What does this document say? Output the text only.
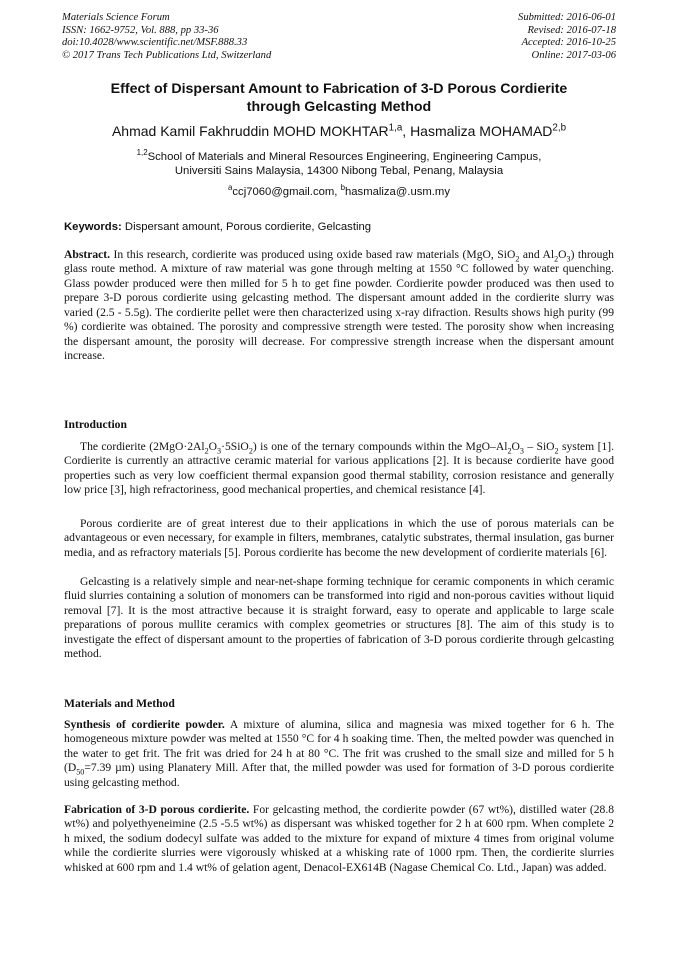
Materials Science Forum
ISSN: 1662-9752, Vol. 888, pp 33-36
doi:10.4028/www.scientific.net/MSF.888.33
© 2017 Trans Tech Publications Ltd, Switzerland
Submitted: 2016-06-01
Revised: 2016-07-18
Accepted: 2016-10-25
Online: 2017-03-06
Effect of Dispersant Amount to Fabrication of 3-D Porous Cordierite
through Gelcasting Method
Ahmad Kamil Fakhruddin MOHD MOKHTAR$^{1,a}$, Hasmaliza MOHAMAD$^{2,b}$
$^{1,2}$School of Materials and Mineral Resources Engineering, Engineering Campus,
Universiti Sains Malaysia, 14300 Nibong Tebal, Penang, Malaysia
$^a$ccj7060@gmail.com, $^b$hasmaliza@.usm.my
Keywords: Dispersant amount, Porous cordierite, Gelcasting

Abstract. In this research, cordierite was produced using oxide based raw materials (MgO, SiO$_2$ and $Al_2O_3$) through glass route method. A mixture of raw material was gone through melting at 1550 °C followed by water quenching. Glass powder produced were then milled for 5 h to get fine powder. Cordierite powder produced was then used to prepare 3-D porous cordierite using gelcasting method. The dispersant amount added in the cordierite slurry was varied (2.5 - 5.5g). The cordierite pellet were then characterized using x-ray difraction. Results shows high purity (99 %) cordierite was obtained. The porosity and compressive strength were tested. The porosity show when increasing the dispersant amount, the porosity will decrease. For compressive strength increase when the dispersant amount increase.

Introduction

The cordierite $(2MgO\cdot 2Al_2O_3\cdot 5SiO_2)$ is one of the ternary compounds within the MgO–$Al_2O_3 - SiO_2$ system [1]. Cordierite is currently an attractive ceramic material for various applications [2]. It is because cordierite have good properties such as very low coefficient thermal expansion good thermal stability, corrosion resistance and generally low price [3], high refractoriness, good mechanical properties, and chemical resistance [4].

Porous cordierite are of great interest due to their applications in which the use of porous materials can be advantageous or even necessary, for example in filters, membranes, catalytic substrates, thermal insulation, gas burner media, and as refractory materials [5]. Porous cordierite has become the new development of cordierite materials [6].

Gelcasting is a relatively simple and near-net-shape forming technique for ceramic components in which ceramic fluid slurries containing a solution of monomers can be transformed into rigid and non-porous cavities without liquid removal [7]. It is the most attractive because it is straight forward, easy to operate and applicable to large scale preparations of porous mullite ceramics with complex geometries or structures [8]. The aim of this study is to investigate the effect of dispersant amount to the properties of fabrication of 3-D porous cordierite through gelcasting method.

Materials and Method

Synthesis of cordierite powder. A mixture of alumina, silica and magnesia was mixed together for 6 h. The homogeneous mixture powder was melted at 1550 °C for 4 h soaking time. Then, the melted powder was quenched in the water to get frit. The frit was dried for 24 h at 80 °C. The frit was crushed to the small size and milled for 5 h ($D_{50}=7.39$ µm) using Planatery Mill. After that, the milled powder was used for formation of 3-D porous cordierite using gelcasting method.

Fabrication of 3-D porous cordierite. For gelcasting method, the cordierite powder (67 wt%), distilled water (28.8 wt%) and polyethyeneimine (2.5 -5.5 wt%) as dispersant was whisked together for 2 h at 600 rpm. When complete 2 h mixed, the sodium dodecyl sulfate was added to the mixture for expand of mixture 4 times from original volume while the cordierite slurries were vigorously whisked at a whisking rate of 1000 rpm. Then, the cordierite slurries whisked at 600 rpm and 1.4 wt% of gelation agent, Denacol-EX614B (Nagase Chemical Co. Ltd., Japan) was added.
